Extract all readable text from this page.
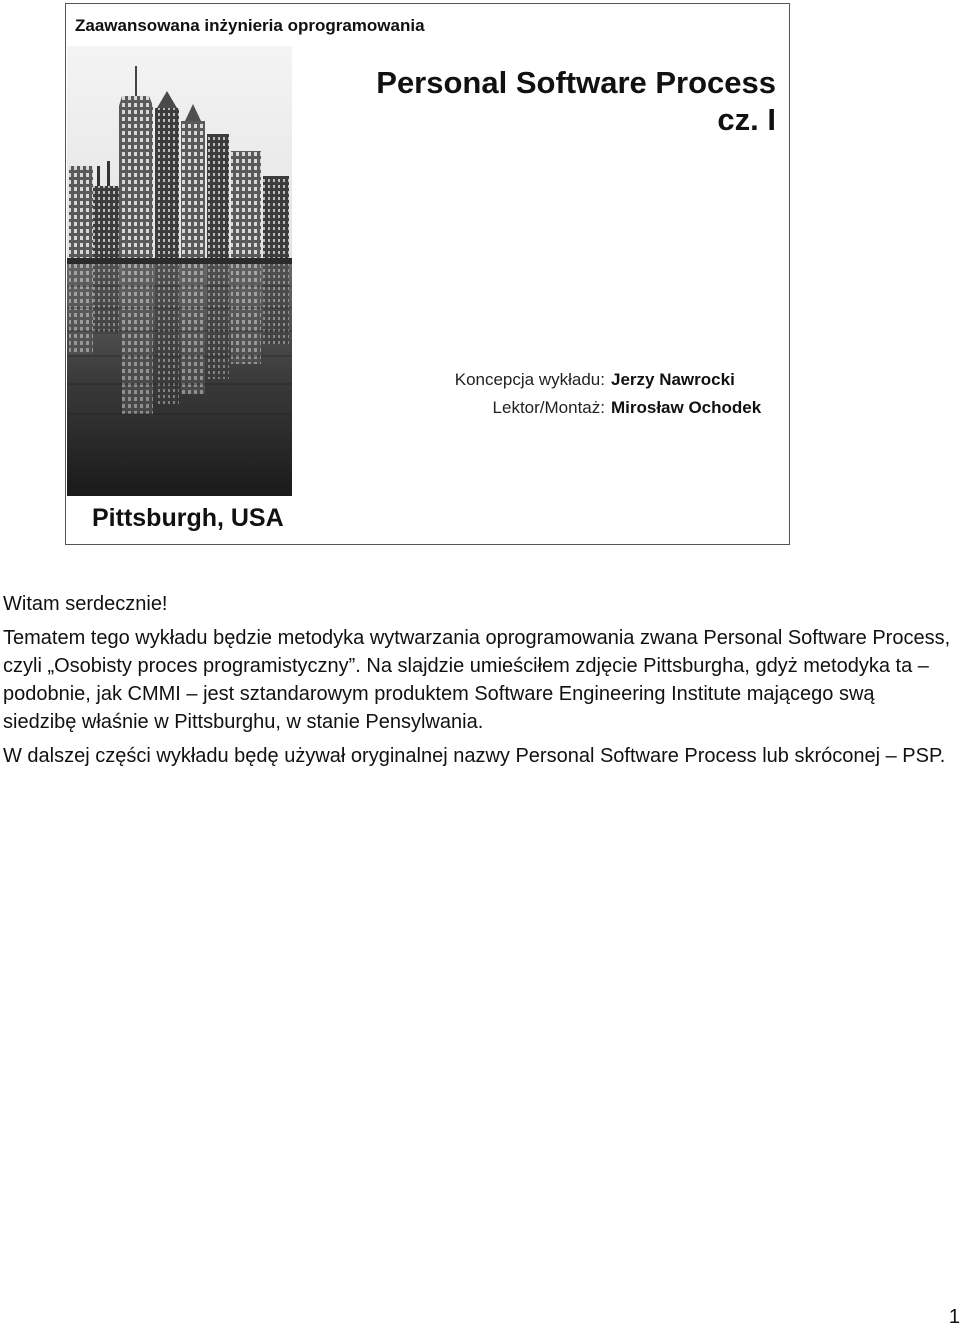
Zaawansowana inżynieria oprogramowania
Personal Software Process
cz. I
Koncepcja wykładu: Jerzy Nawrocki
Lektor/Montaż: Mirosław Ochodek
Pittsburgh, USA

Witam serdecznie!

Tematem tego wykładu będzie metodyka wytwarzania oprogramowania zwana Personal Software Process, czyli „Osobisty proces programistyczny”. Na slajdzie umieściłem zdjęcie Pittsburgha, gdyż metodyka ta – podobnie, jak CMMI – jest sztandarowym produktem Software Engineering Institute mającego swą siedzibę właśnie w Pittsburghu, w stanie Pensylwania.

W dalszej części wykładu będę używał oryginalnej nazwy Personal Software Process lub skróconej – PSP.

1
